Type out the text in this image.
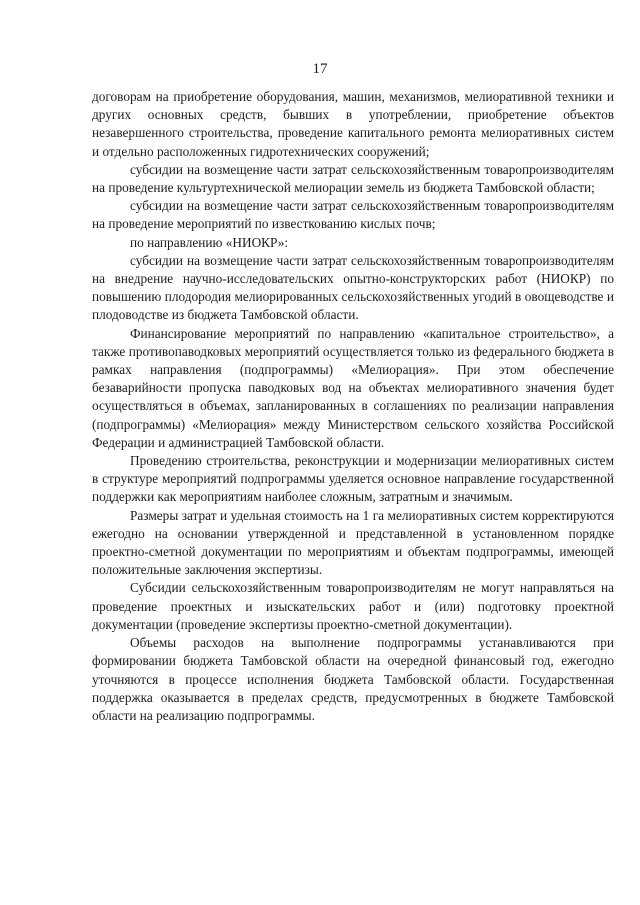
17

договорам на приобретение оборудования, машин, механизмов, мелиоративной техники и других основных средств, бывших в употреблении, приобретение объектов незавершенного строительства, проведение капитального ремонта мелиоративных систем и отдельно расположенных гидротехнических сооружений;

субсидии на возмещение части затрат сельскохозяйственным товаропроизводителям на проведение культуртехнической мелиорации земель из бюджета Тамбовской области;

субсидии на возмещение части затрат сельскохозяйственным товаропроизводителям на проведение мероприятий по известкованию кислых почв;

по направлению «НИОКР»:

субсидии на возмещение части затрат сельскохозяйственным товаропроизводителям на внедрение научно-исследовательских опытно-конструкторских работ (НИОКР) по повышению плодородия мелиорированных сельскохозяйственных угодий в овощеводстве и плодоводстве из бюджета Тамбовской области.

Финансирование мероприятий по направлению «капитальное строительство», а также противопаводковых мероприятий осуществляется только из федерального бюджета в рамках направления (подпрограммы) «Мелиорация». При этом обеспечение безаварийности пропуска паводковых вод на объектах мелиоративного значения будет осуществляться в объемах, запланированных в соглашениях по реализации направления (подпрограммы) «Мелиорация» между Министерством сельского хозяйства Российской Федерации и администрацией Тамбовской области.

Проведению строительства, реконструкции и модернизации мелиоративных систем в структуре мероприятий подпрограммы уделяется основное направление государственной поддержки как мероприятиям наиболее сложным, затратным и значимым.

Размеры затрат и удельная стоимость на 1 га мелиоративных систем корректируются ежегодно на основании утвержденной и представленной в установленном порядке проектно-сметной документации по мероприятиям и объектам подпрограммы, имеющей положительные заключения экспертизы.

Субсидии сельскохозяйственным товаропроизводителям не могут направляться на проведение проектных и изыскательских работ и (или) подготовку проектной документации (проведение экспертизы проектно-сметной документации).

Объемы расходов на выполнение подпрограммы устанавливаются при формировании бюджета Тамбовской области на очередной финансовый год, ежегодно уточняются в процессе исполнения бюджета Тамбовской области. Государственная поддержка оказывается в пределах средств, предусмотренных в бюджете Тамбовской области на реализацию подпрограммы.
